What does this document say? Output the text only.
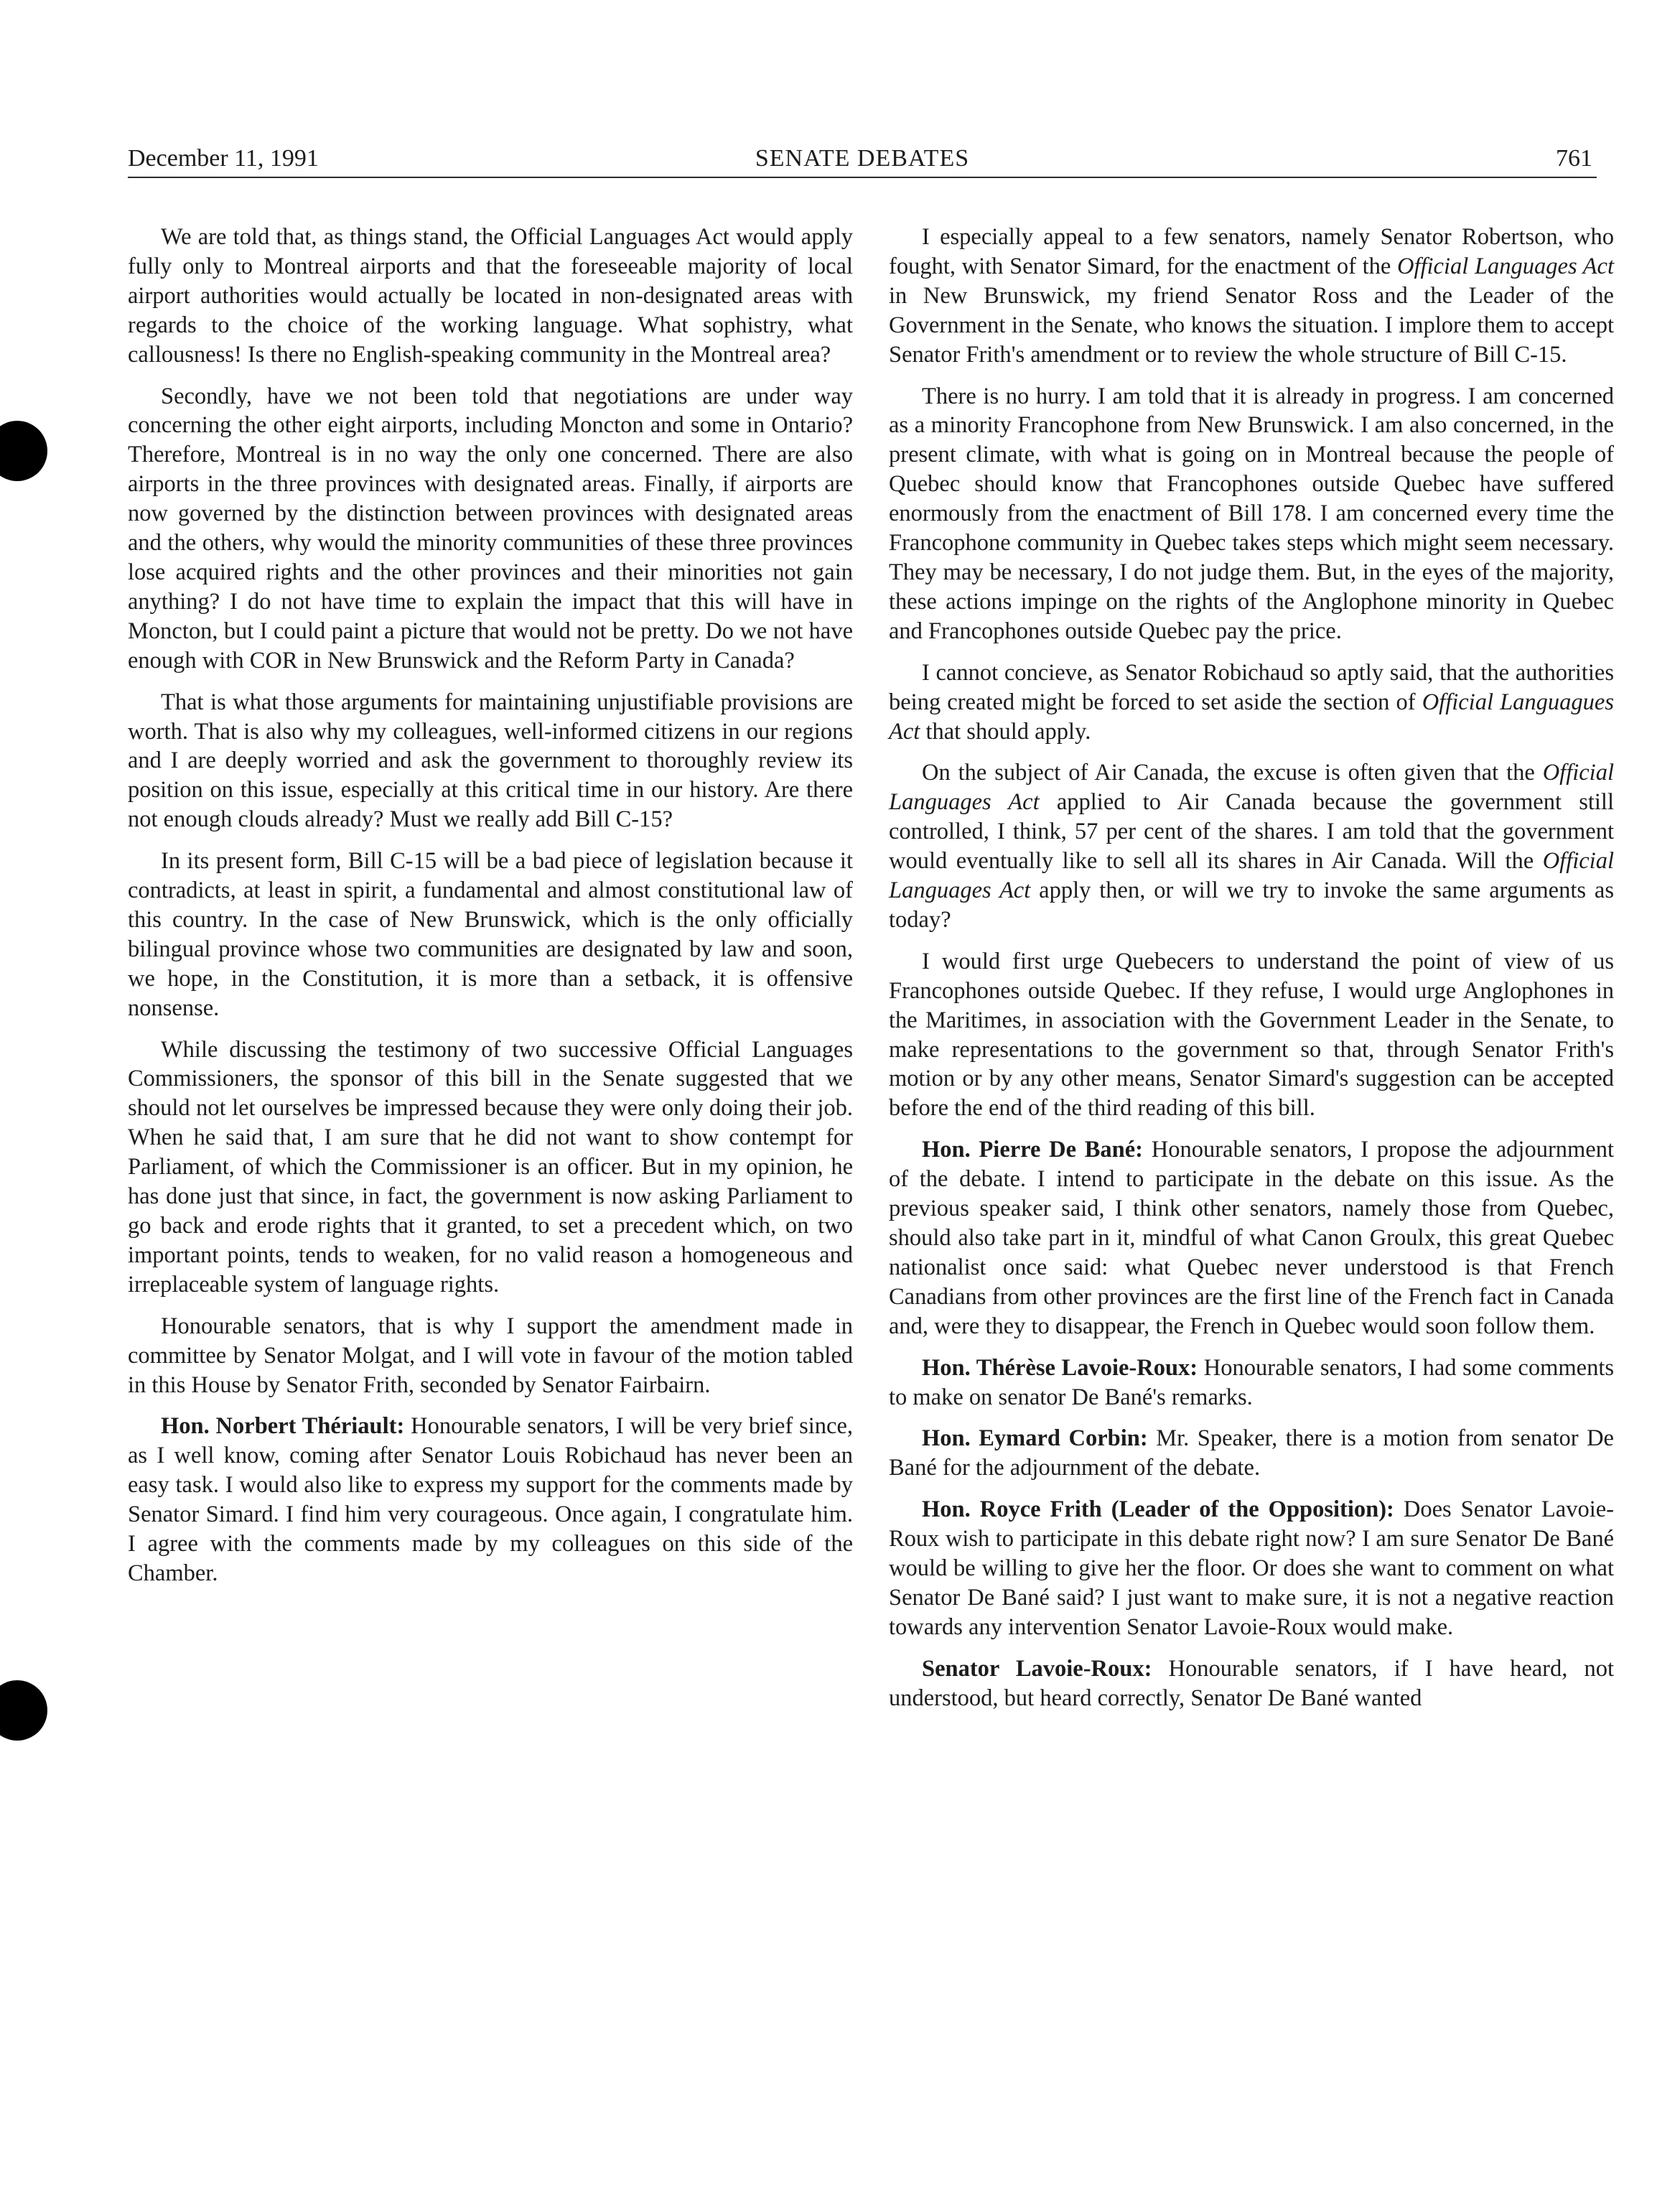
December 11, 1991	SENATE DEBATES	761

We are told that, as things stand, the Official Languages Act would apply fully only to Montreal airports and that the foreseeable majority of local airport authorities would actually be located in non-designated areas with regards to the choice of the working language. What sophistry, what callousness! Is there no English-speaking community in the Montreal area?

Secondly, have we not been told that negotiations are under way concerning the other eight airports, including Moncton and some in Ontario? Therefore, Montreal is in no way the only one concerned. There are also airports in the three provinces with designated areas. Finally, if airports are now governed by the distinction between provinces with designated areas and the others, why would the minority communities of these three provinces lose acquired rights and the other provinces and their minorities not gain anything? I do not have time to explain the impact that this will have in Moncton, but I could paint a picture that would not be pretty. Do we not have enough with COR in New Brunswick and the Reform Party in Canada?

That is what those arguments for maintaining unjustifiable provisions are worth. That is also why my colleagues, well-informed citizens in our regions and I are deeply worried and ask the government to thoroughly review its position on this issue, especially at this critical time in our history. Are there not enough clouds already? Must we really add Bill C-15?

In its present form, Bill C-15 will be a bad piece of legislation because it contradicts, at least in spirit, a fundamental and almost constitutional law of this country. In the case of New Brunswick, which is the only officially bilingual province whose two communities are designated by law and soon, we hope, in the Constitution, it is more than a setback, it is offensive nonsense.

While discussing the testimony of two successive Official Languages Commissioners, the sponsor of this bill in the Senate suggested that we should not let ourselves be impressed because they were only doing their job. When he said that, I am sure that he did not want to show contempt for Parliament, of which the Commissioner is an officer. But in my opinion, he has done just that since, in fact, the government is now asking Parliament to go back and erode rights that it granted, to set a precedent which, on two important points, tends to weaken, for no valid reason a homogeneous and irreplaceable system of language rights.

Honourable senators, that is why I support the amendment made in committee by Senator Molgat, and I will vote in favour of the motion tabled in this House by Senator Frith, seconded by Senator Fairbairn.

Hon. Norbert Thériault: Honourable senators, I will be very brief since, as I well know, coming after Senator Louis Robichaud has never been an easy task. I would also like to express my support for the comments made by Senator Simard. I find him very courageous. Once again, I congratulate him. I agree with the comments made by my colleagues on this side of the Chamber.

I especially appeal to a few senators, namely Senator Robertson, who fought, with Senator Simard, for the enactment of the Official Languages Act in New Brunswick, my friend Senator Ross and the Leader of the Government in the Senate, who knows the situation. I implore them to accept Senator Frith's amendment or to review the whole structure of Bill C-15.

There is no hurry. I am told that it is already in progress. I am concerned as a minority Francophone from New Brunswick. I am also concerned, in the present climate, with what is going on in Montreal because the people of Quebec should know that Francophones outside Quebec have suffered enormously from the enactment of Bill 178. I am concerned every time the Francophone community in Quebec takes steps which might seem necessary. They may be necessary, I do not judge them. But, in the eyes of the majority, these actions impinge on the rights of the Anglophone minority in Quebec and Francophones outside Quebec pay the price.

I cannot concieve, as Senator Robichaud so aptly said, that the authorities being created might be forced to set aside the section of Official Languagues Act that should apply.

On the subject of Air Canada, the excuse is often given that the Official Languages Act applied to Air Canada because the government still controlled, I think, 57 per cent of the shares. I am told that the government would eventually like to sell all its shares in Air Canada. Will the Official Languages Act apply then, or will we try to invoke the same arguments as today?

I would first urge Quebecers to understand the point of view of us Francophones outside Quebec. If they refuse, I would urge Anglophones in the Maritimes, in association with the Government Leader in the Senate, to make representations to the government so that, through Senator Frith's motion or by any other means, Senator Simard's suggestion can be accepted before the end of the third reading of this bill.

Hon. Pierre De Bané: Honourable senators, I propose the adjournment of the debate. I intend to participate in the debate on this issue. As the previous speaker said, I think other senators, namely those from Quebec, should also take part in it, mindful of what Canon Groulx, this great Quebec nationalist once said: what Quebec never understood is that French Canadians from other provinces are the first line of the French fact in Canada and, were they to disappear, the French in Quebec would soon follow them.

Hon. Thérèse Lavoie-Roux: Honourable senators, I had some comments to make on senator De Bané's remarks.

Hon. Eymard Corbin: Mr. Speaker, there is a motion from senator De Bané for the adjournment of the debate.

Hon. Royce Frith (Leader of the Opposition): Does Senator Lavoie-Roux wish to participate in this debate right now? I am sure Senator De Bané would be willing to give her the floor. Or does she want to comment on what Senator De Bané said? I just want to make sure, it is not a negative reaction towards any intervention Senator Lavoie-Roux would make.

Senator Lavoie-Roux: Honourable senators, if I have heard, not understood, but heard correctly, Senator De Bané wanted
